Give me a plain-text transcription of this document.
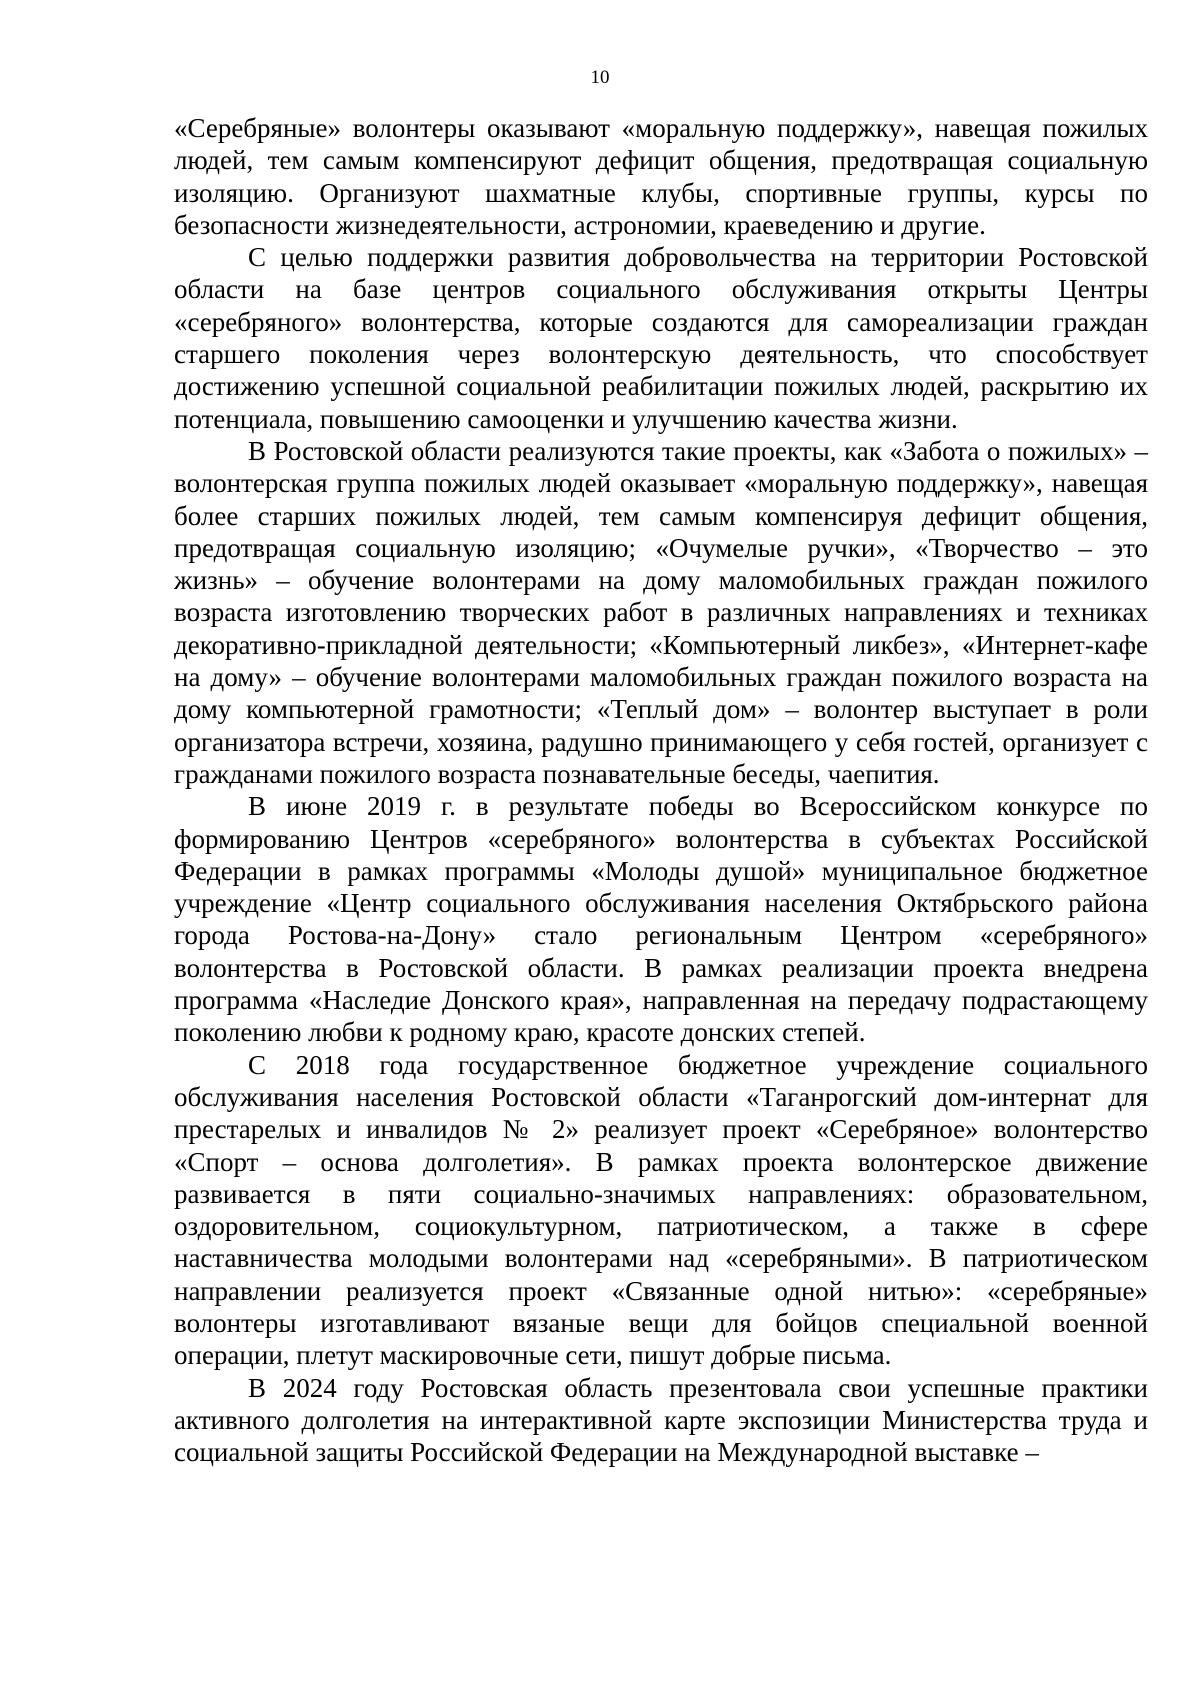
10

«Серебряные» волонтеры оказывают «моральную поддержку», навещая пожилых людей, тем самым компенсируют дефицит общения, предотвращая социальную изоляцию. Организуют шахматные клубы, спортивные группы, курсы по безопасности жизнедеятельности, астрономии, краеведению и другие.

С целью поддержки развития добровольчества на территории Ростовской области на базе центров социального обслуживания открыты Центры «серебряного» волонтерства, которые создаются для самореализации граждан старшего поколения через волонтерскую деятельность, что способствует достижению успешной социальной реабилитации пожилых людей, раскрытию их потенциала, повышению самооценки и улучшению качества жизни.

В Ростовской области реализуются такие проекты, как «Забота о пожилых» – волонтерская группа пожилых людей оказывает «моральную поддержку», навещая более старших пожилых людей, тем самым компенсируя дефицит общения, предотвращая социальную изоляцию; «Очумелые ручки», «Творчество – это жизнь» – обучение волонтерами на дому маломобильных граждан пожилого возраста изготовлению творческих работ в различных направлениях и техниках декоративно-прикладной деятельности; «Компьютерный ликбез», «Интернет-кафе на дому» – обучение волонтерами маломобильных граждан пожилого возраста на дому компьютерной грамотности; «Теплый дом» – волонтер выступает в роли организатора встречи, хозяина, радушно принимающего у себя гостей, организует с гражданами пожилого возраста познавательные беседы, чаепития.

В июне 2019 г. в результате победы во Всероссийском конкурсе по формированию Центров «серебряного» волонтерства в субъектах Российской Федерации в рамках программы «Молоды душой» муниципальное бюджетное учреждение «Центр социального обслуживания населения Октябрьского района города Ростова-на-Дону» стало региональным Центром «серебряного» волонтерства в Ростовской области. В рамках реализации проекта внедрена программа «Наследие Донского края», направленная на передачу подрастающему поколению любви к родному краю, красоте донских степей.

С 2018 года государственное бюджетное учреждение социального обслуживания населения Ростовской области «Таганрогский дом-интернат для престарелых и инвалидов № 2» реализует проект «Серебряное» волонтерство «Спорт – основа долголетия». В рамках проекта волонтерское движение развивается в пяти социально-значимых направлениях: образовательном, оздоровительном, социокультурном, патриотическом, а также в сфере наставничества молодыми волонтерами над «серебряными». В патриотическом направлении реализуется проект «Связанные одной нитью»: «серебряные» волонтеры изготавливают вязаные вещи для бойцов специальной военной операции, плетут маскировочные сети, пишут добрые письма.

В 2024 году Ростовская область презентовала свои успешные практики активного долголетия на интерактивной карте экспозиции Министерства труда и социальной защиты Российской Федерации на Международной выставке –
